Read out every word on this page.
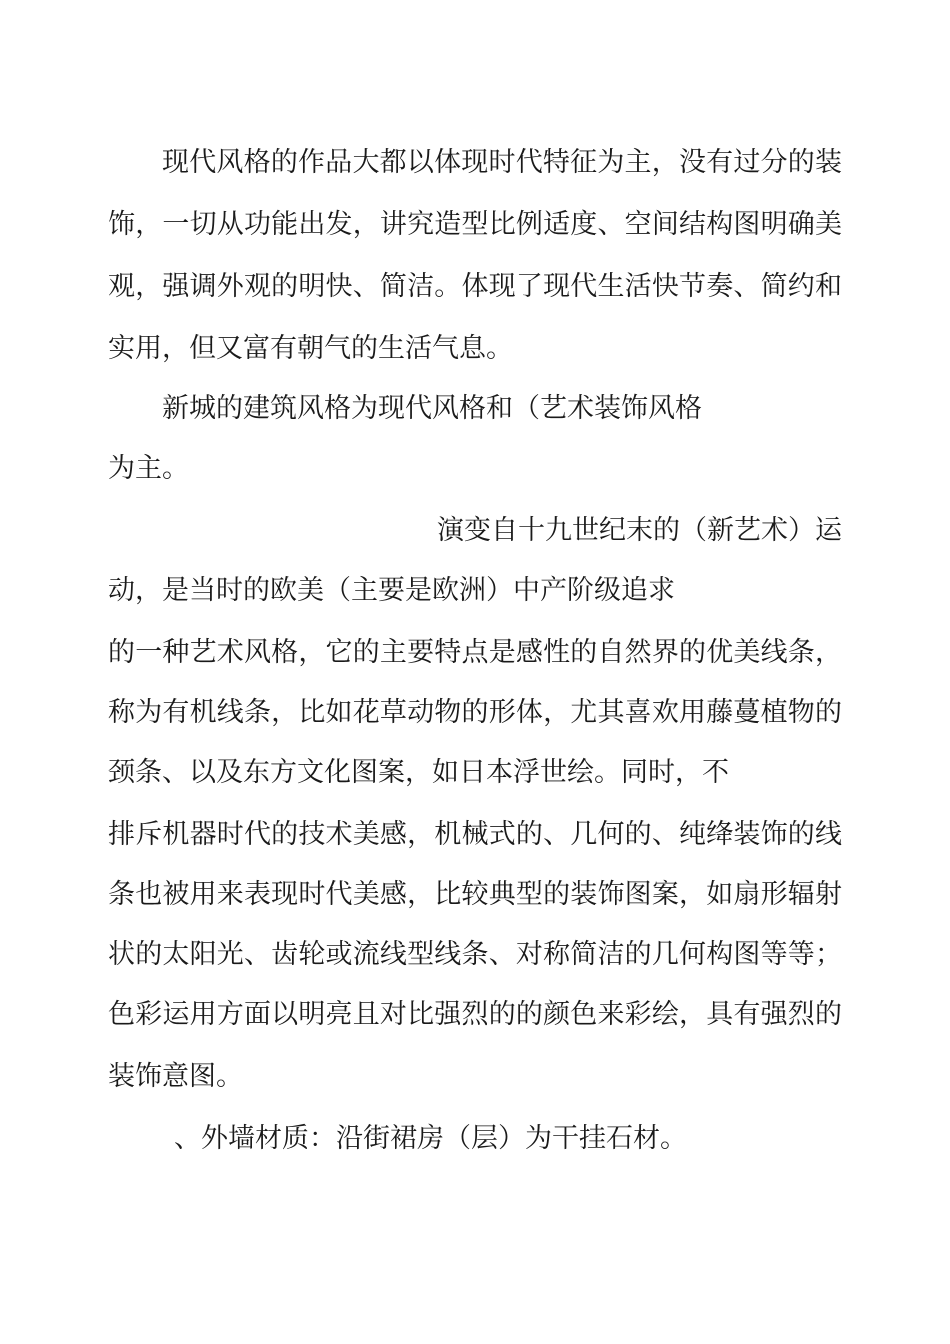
现代风格的作品大都以体现时代特征为主，没有过分的装
饰，一切从功能出发，讲究造型比例适度、空间结构图明确美
观，强调外观的明快、简洁。体现了现代生活快节奏、简约和
实用，但又富有朝气的生活气息。
新城的建筑风格为现代风格和（艺术装饰风格
为主。
演变自十九世纪末的（新艺术）运
动，是当时的欧美（主要是欧洲）中产阶级追求
的一种艺术风格，它的主要特点是感性的自然界的优美线条，
称为有机线条，比如花草动物的形体，尤其喜欢用藤蔓植物的
颈条、以及东方文化图案，如日本浮世绘。同时，不
排斥机器时代的技术美感，机械式的、几何的、纯绛装饰的线
条也被用来表现时代美感，比较典型的装饰图案，如扇形辐射
状的太阳光、齿轮或流线型线条、对称简洁的几何构图等等；
色彩运用方面以明亮且对比强烈的的颜色来彩绘，具有强烈的
装饰意图。
、外墙材质：沿街裙房（层）为干挂石材。
